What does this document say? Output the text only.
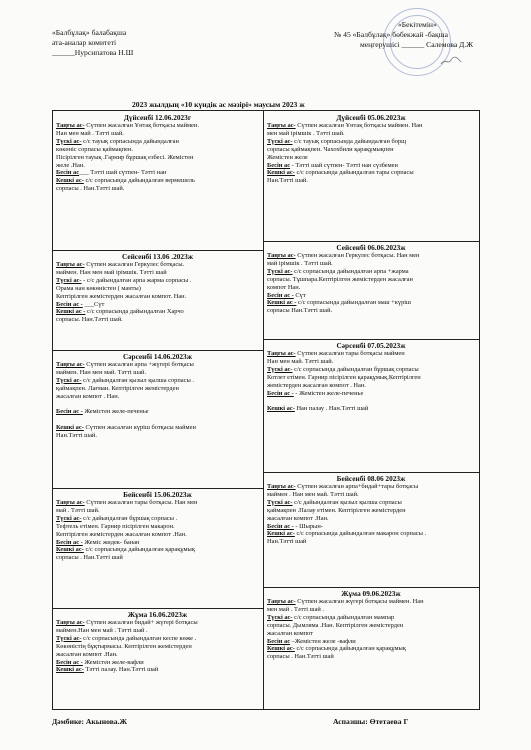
«Балбұлақ» балабақша
ата-аналар комитеті
______Нурсипатова Н.Ш
«Бекітемін»
№ 45 «Балбұлақ» бөбекжай -бақша
меңгерушісі ______ Салемова Д.Ж
2023 жылдың «10 күндік ас мәзірі» маусым 2023 ж
Дүйсенбі 12.06.2023г
Таңғы ас- Сүтпен жасалған Ұнтақ ботқасы маймен.
Нан мен май . Тәтті шай.
Түскі ас- с/с тауық сорпасында дайындалған
көкөніс сорпасы қаймақпен.
Пісірілген тауық .Гарнир бұршақ езбесі. Жемістен
желе .Нан.
Бесін ас___ Тәтті шай сүтпен- Тәтті нан
Кешкі ас- с/с сорпасында дайындалған вермешель
сорпасы . Нан.Тәтті шай.
Дүйсенбі 05.06.2023ж
Таңғы ас- Сүтпен жасалған Ұнтақ ботқасы маймен. Нан
мен май ірімшік . Тәтті шай.
Түскі ас- с/с тауық сорпасында дайындалған борщ
сорпасы қаймақпен. Чахохбили қарақұмықпен
Жемістен желе
Бесін ас - Тәтті шай сүтпен- Тәтті нан сүзбемен
Кешкі ас- с/с сорпасында дайындалған тары сорпасы
Нан.Тәтті шай.
Сейсенбі 13.06 .2023ж
Таңғы ас- Сүтпен жасалған Геркулес ботқасы.
маймен. Нан мен май ірімшік. Тәтті шай
Түскі ас- - с/с дайындалған арпа жарма сорпасы .
Орама нан көкөністен ( манты)
Кептірілген жемістерден жасалған компот. Нан.
Бесін ас - ___Сүт
Кешкі ас - с/с сорпасында дайындалған Харчо
сорпасы. Нан.Тәтті шай.
Сейсенбі 06.06.2023ж
Таңғы ас- Сүтпен жасалған Геркулес ботқасы. Нан мен
май ірімшік . Тәтті шай.
Түскі ас- с/с сорпасында дайындалған арпа +жарма
сорпасы. Тұшпара.Кептірілген жемістерден жасалған
компот Нан.
Бесін ас - Сүт
Кешкі ас - с/с сорпасында дайындалған маш +күріш
сорпасы Нан.Тәтті шай.
Сәрсенбі 14.06.2023ж
Таңғы ас- Сүтпен жасалған арпа +жүгері ботқасы
маймен. Нан мен май. Тәтті шай.
Түскі ас- с/с дайындалған қызыл қылша сорпасы .
қаймақпен. Лағман. Кептірілген жемістерден
жасалған компот . Нан.

Бесін ас - Жемістен желе-печенье

Кешкі ас- Сүтпен жасалған күріш ботқасы маймен
Нан.Тәтті шай.
Сәрсенбі 07.05.2023ж
Таңғы ас- Сүтпен жасалған тары ботқасы маймен
Нан мен май. Тәтті шай.
Түскі ас- с/с сорпасында дайындалған бұршақ сорпасы
Котлет етімен. Гарнир пісірілген қарақұмық.Кептірілген
жемістерден жасалған компот . Нан.
Бесін ас - - Жемістен желе-печенье

Кешкі ас- Нан палау . Нан.Тәтті шай
Бейсенбі 15.06.2023ж
Таңғы ас- Сүтпен жасалған тары ботқасы. Нан мен
май . Тәтті шай.
Түскі ас- с/с дайындалған бұршақ сорпасы .
Тефтель етімен. Гарнир пісірілген макарон.
Кептірілген жемістерден жасалған компот .Нан.
Бесін ас - Жеміс жидек- банан
Кешкі ас- с/с сорпасында дайындалған қарақұмық
сорпасы . Нан.Тәтті шай
Бейсенбі 08.06 2023ж
Таңғы ас- Сүтпен жасалған арпа+бидай+тары ботқасы
маймен . Нан мен май. Тәтті шай.
Түскі ас- с/с дайындалған қызыл қылша сорпасы
қаймақпен .Палау етімен. Кептірілген жемістерден
жасалған компот .Нан.
Бесін ас - - Шырын-
Кешкі ас- с/с сорпасында дайындалған макарон сорпасы .
Нан.Тәтті шай
Жұма 16.06.2023ж
Таңғы ас- Сүтпен жасалған бидай+ жүгері ботқасы
маймен.Нан мен май . Тәтті шай .
Түскі ас- с/с сорпасында дайындалған кеспе көже .
Көкөністің бұқтырмасы. Кептірілген жемістерден
жасалған компот .Нан.
Бесін ас - Жемістен желе-вафли
Кешкі ас- Тәтті палау. Нан.Тәтті шай
Жұма 09.06.2023ж
Таңғы ас- Сүтпен жасалған жүгері ботқасы маймен. Нан
мен май . Тәтті шай .
Түскі ас- с/с сорпасында дайындалған мампар
сорпасы. Дымляма .Нан. Кептірілген жемістерден
жасалған компот
Бесін ас –Жемістен желе -вафли
Кешкі ас- с/с сорпасында дайындалған қарақұмық
сорпасы . Нан.Тәтті шай
Дәмбике: Акынова.Ж	Аспазшы: Өтетаева Г
